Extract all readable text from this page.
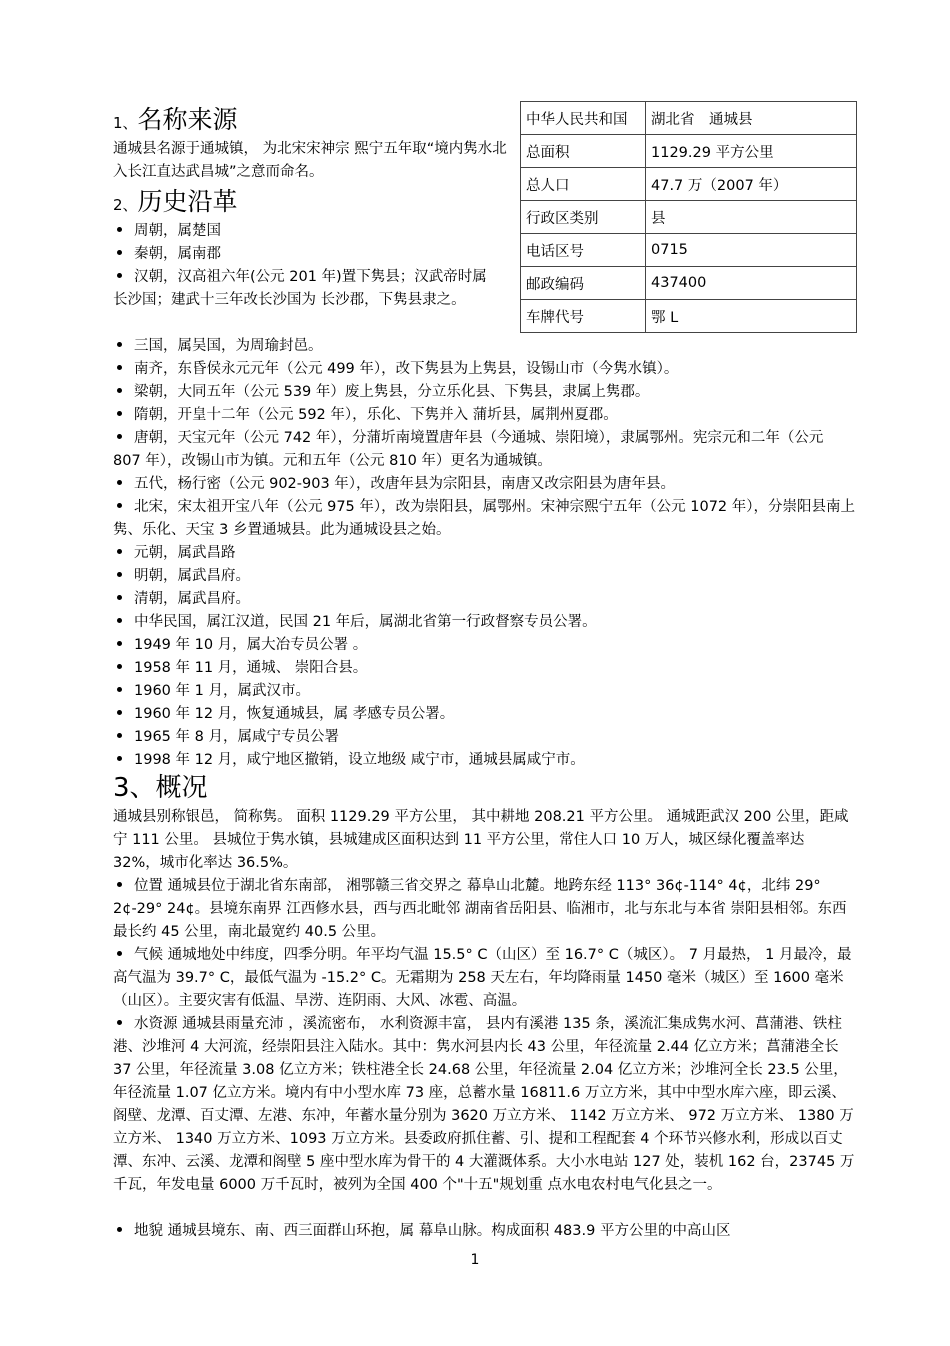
1、名称来源

通城县名源于通城镇， 为北宋宋神宗 熙宁五年取“境内隽水北入长江直达武昌城”之意而命名。

中华人民共和国	湖北省　通城县
总面积	1129.29 平方公里
总人口	47.7 万（2007 年）
行政区类别	县
电话区号	0715
邮政编码	437400
车牌代号	鄂 L
2、历史沿革

周朝，属楚国

秦朝，属南郡

汉朝，汉高祖六年(公元 201 年)置下隽县；汉武帝时属长沙国；建武十三年改长沙国为 长沙郡，下隽县隶之。

三国，属吴国，为周瑜封邑。

南齐，东昏侯永元元年（公元 499 年），改下隽县为上隽县，设锡山市（今隽水镇）。

梁朝，大同五年（公元 539 年）废上隽县，分立乐化县、下隽县，隶属上隽郡。

隋朝，开皇十二年（公元 592 年），乐化、下隽并入 蒲圻县，属荆州夏郡。

唐朝，天宝元年（公元 742 年），分蒲圻南境置唐年县（今通城、崇阳境），隶属鄂州。宪宗元和二年（公元 807 年），改锡山市为镇。元和五年（公元 810 年）更名为通城镇。

五代，杨行密（公元 902-903 年），改唐年县为宗阳县，南唐又改宗阳县为唐年县。

北宋，宋太祖开宝八年（公元 975 年），改为崇阳县，属鄂州。宋神宗熙宁五年（公元 1072 年），分崇阳县南上隽、乐化、天宝 3 乡置通城县。此为通城设县之始。

元朝，属武昌路

明朝，属武昌府。

清朝，属武昌府。

中华民国，属江汉道，民国 21 年后，属湖北省第一行政督察专员公署。

1949 年 10 月，属大冶专员公署 。

1958 年 11 月，通城、 崇阳合县。

1960 年 1 月，属武汉市。

1960 年 12 月，恢复通城县，属 孝感专员公署。

1965 年 8 月，属咸宁专员公署

1998 年 12 月，咸宁地区撤销，设立地级 咸宁市，通城县属咸宁市。

3、概况

通城县别称银邑， 简称隽。 面积 1129.29 平方公里， 其中耕地 208.21 平方公里。 通城距武汉 200 公里，距咸宁 111 公里。 县城位于隽水镇，县城建成区面积达到 11 平方公里，常住人口 10 万人，城区绿化覆盖率达 32%，城市化率达 36.5%。

位置 通城县位于湖北省东南部， 湘鄂赣三省交界之 幕阜山北麓。地跨东经 113° 36¢-114° 4¢，北纬 29° 2¢-29° 24¢。县境东南界 江西修水县，西与西北毗邻 湖南省岳阳县、临湘市，北与东北与本省 崇阳县相邻。东西最长约 45 公里，南北最宽约 40.5 公里。

气候 通城地处中纬度，四季分明。年平均气温 15.5° C（山区）至 16.7° C（城区）。 7 月最热， 1 月最冷，最高气温为 39.7° C，最低气温为 -15.2° C。无霜期为 258 天左右，年均降雨量 1450 毫米（城区）至 1600 毫米 （山区）。主要灾害有低温、旱涝、连阴雨、大风、冰雹、高温。

水资源 通城县雨量充沛 ，溪流密布， 水利资源丰富， 县内有溪港 135 条，溪流汇集成隽水河、菖蒲港、铁柱港、沙堆河 4 大河流，经崇阳县注入陆水。其中：隽水河县内长 43 公里，年径流量 2.44 亿立方米；菖蒲港全长 37 公里，年径流量 3.08 亿立方米；铁柱港全长 24.68 公里，年径流量 2.04 亿立方米；沙堆河全长 23.5 公里，年径流量 1.07 亿立方米。境内有中小型水库 73 座，总蓄水量 16811.6 万立方米，其中中型水库六座，即云溪、阁壁、龙潭、百丈潭、左港、东冲，年蓄水量分别为 3620 万立方米、 1142 万立方米、 972 万立方米、 1380 万立方米、 1340 万立方米、1093 万立方米。县委政府抓住蓄、引、提和工程配套 4 个环节兴修水利，形成以百丈潭、东冲、云溪、龙潭和阁壁 5 座中型水库为骨干的 4 大灌溉体系。大小水电站 127 处，装机 162 台，23745 万千瓦，年发电量 6000 万千瓦时，被列为全国 400 个"十五"规划重 点水电农村电气化县之一。

地貌 通城县境东、南、西三面群山环抱，属 幕阜山脉。构成面积 483.9 平方公里的中高山区

1
